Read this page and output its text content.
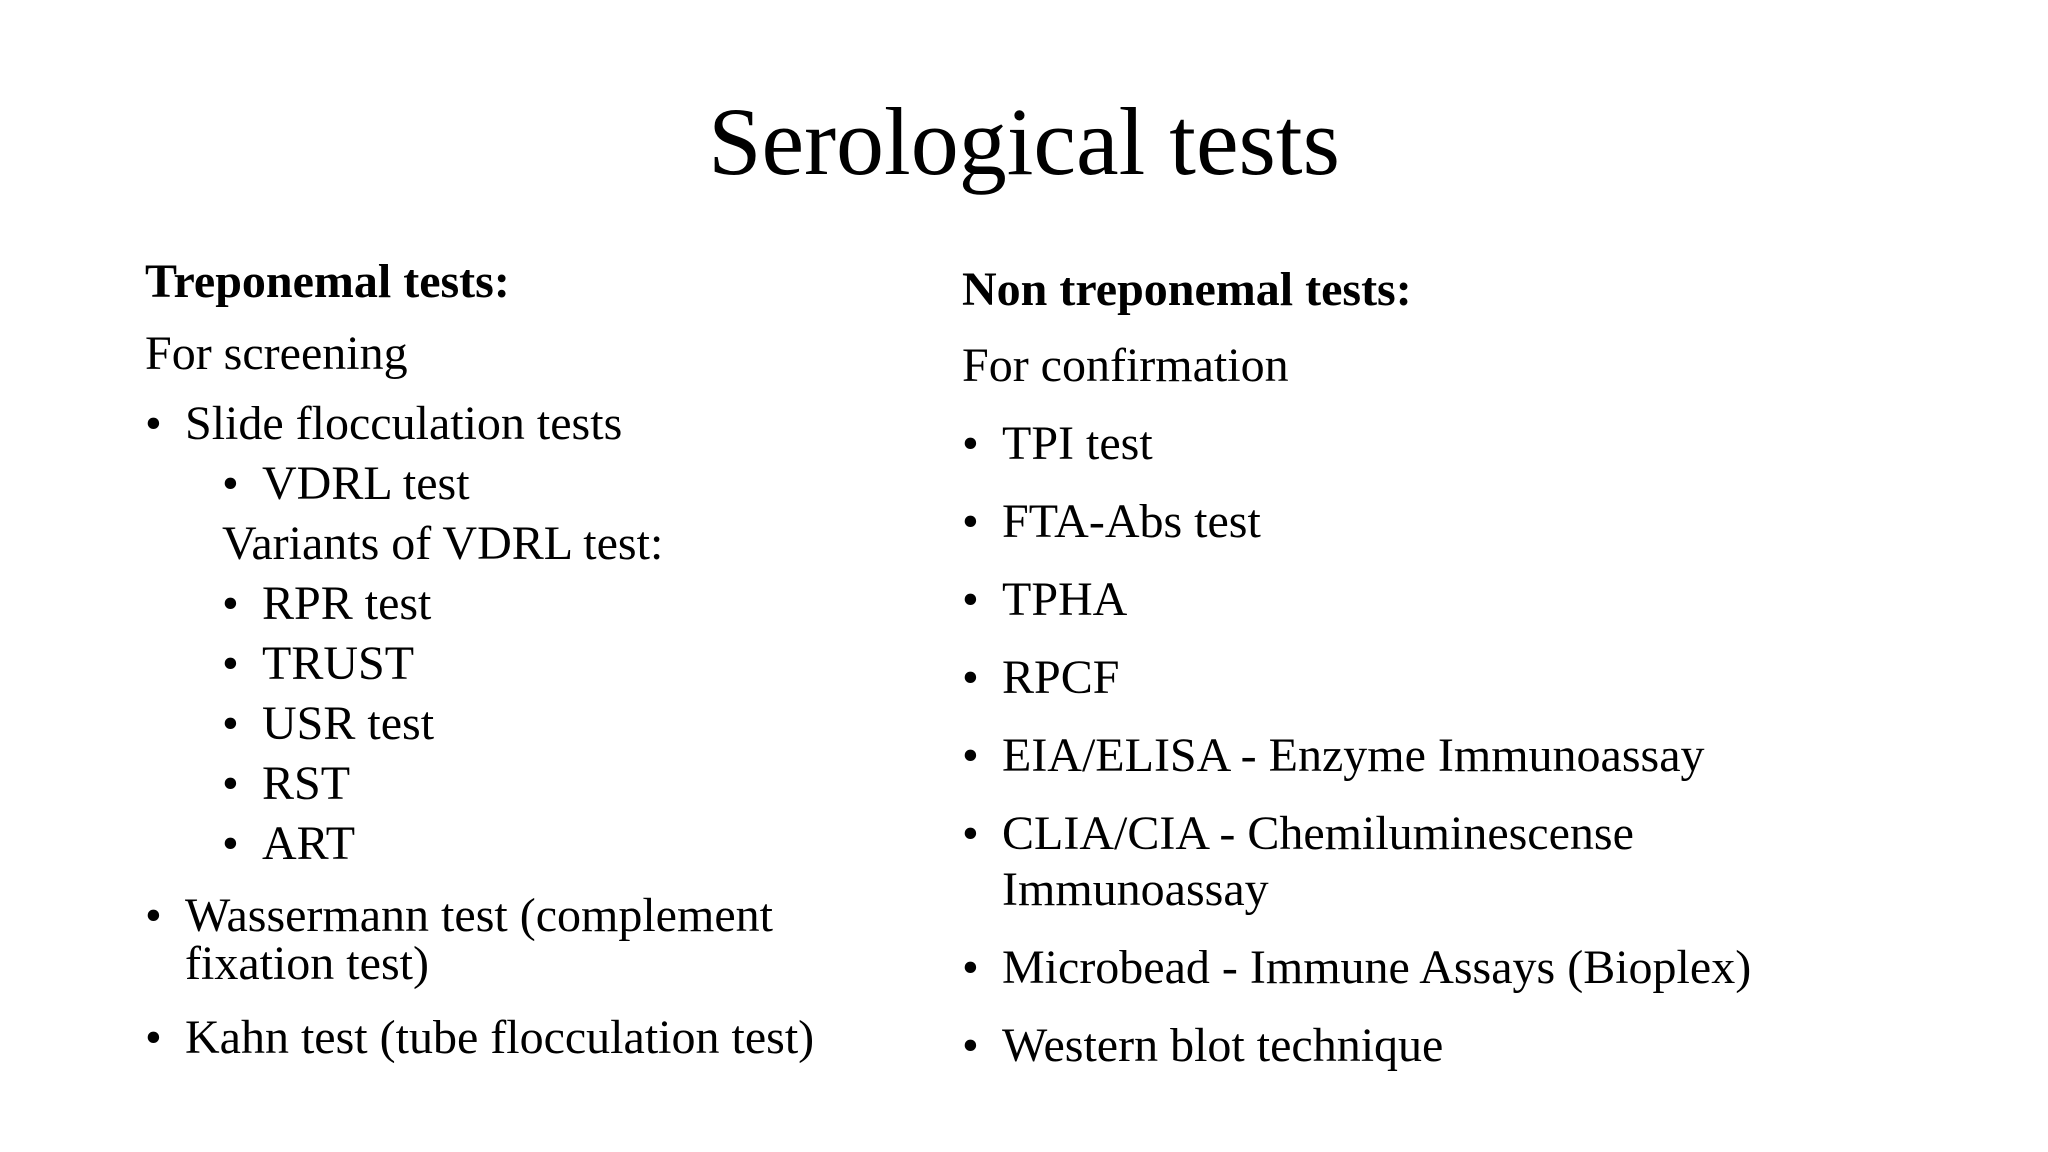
Serological tests
Treponemal tests:
For screening
• Slide flocculation tests
• VDRL test
Variants of VDRL test:
• RPR test
• TRUST
• USR test
• RST
• ART
• Wassermann test (complement
fixation test)
• Kahn test (tube flocculation test)
Non treponemal tests:
For confirmation
• TPI test
• FTA-Abs test
• TPHA
• RPCF
• EIA/ELISA - Enzyme Immunoassay
• CLIA/CIA - Chemiluminescense
Immunoassay
• Microbead - Immune Assays (Bioplex)
• Western blot technique
